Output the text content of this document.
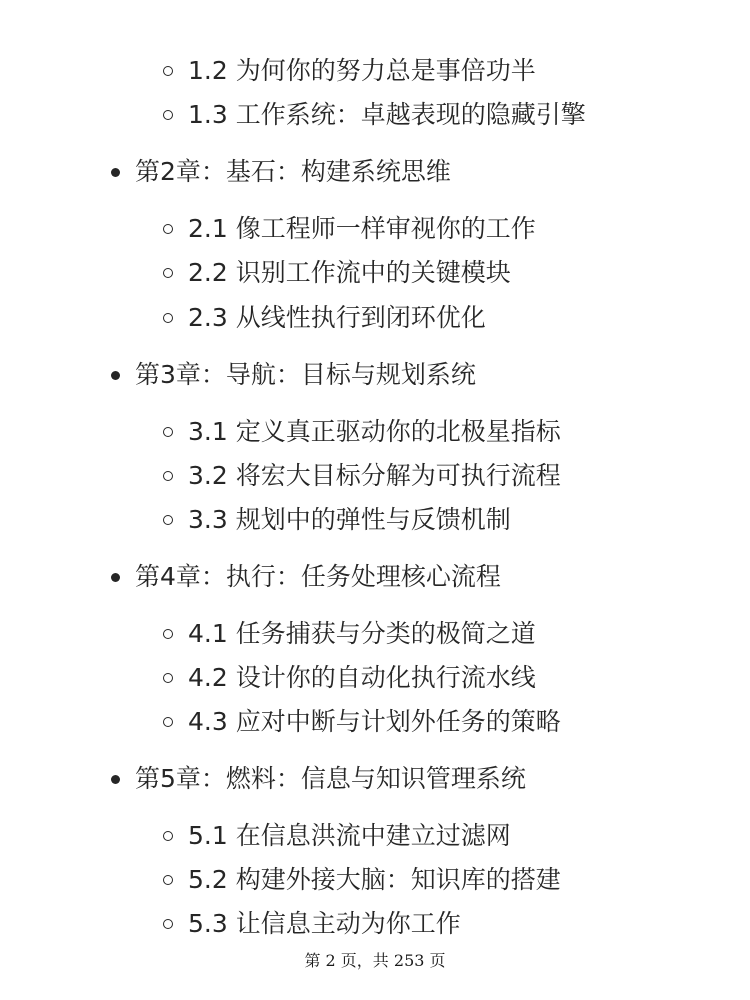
1.2 为何你的努力总是事倍功半
1.3 工作系统：卓越表现的隐藏引擎
第2章：基石：构建系统思维
2.1 像工程师一样审视你的工作
2.2 识别工作流中的关键模块
2.3 从线性执行到闭环优化
第3章：导航：目标与规划系统
3.1 定义真正驱动你的北极星指标
3.2 将宏大目标分解为可执行流程
3.3 规划中的弹性与反馈机制
第4章：执行：任务处理核心流程
4.1 任务捕获与分类的极简之道
4.2 设计你的自动化执行流水线
4.3 应对中断与计划外任务的策略
第5章：燃料：信息与知识管理系统
5.1 在信息洪流中建立过滤网
5.2 构建外接大脑：知识库的搭建
5.3 让信息主动为你工作
第 2 页，共 253 页
